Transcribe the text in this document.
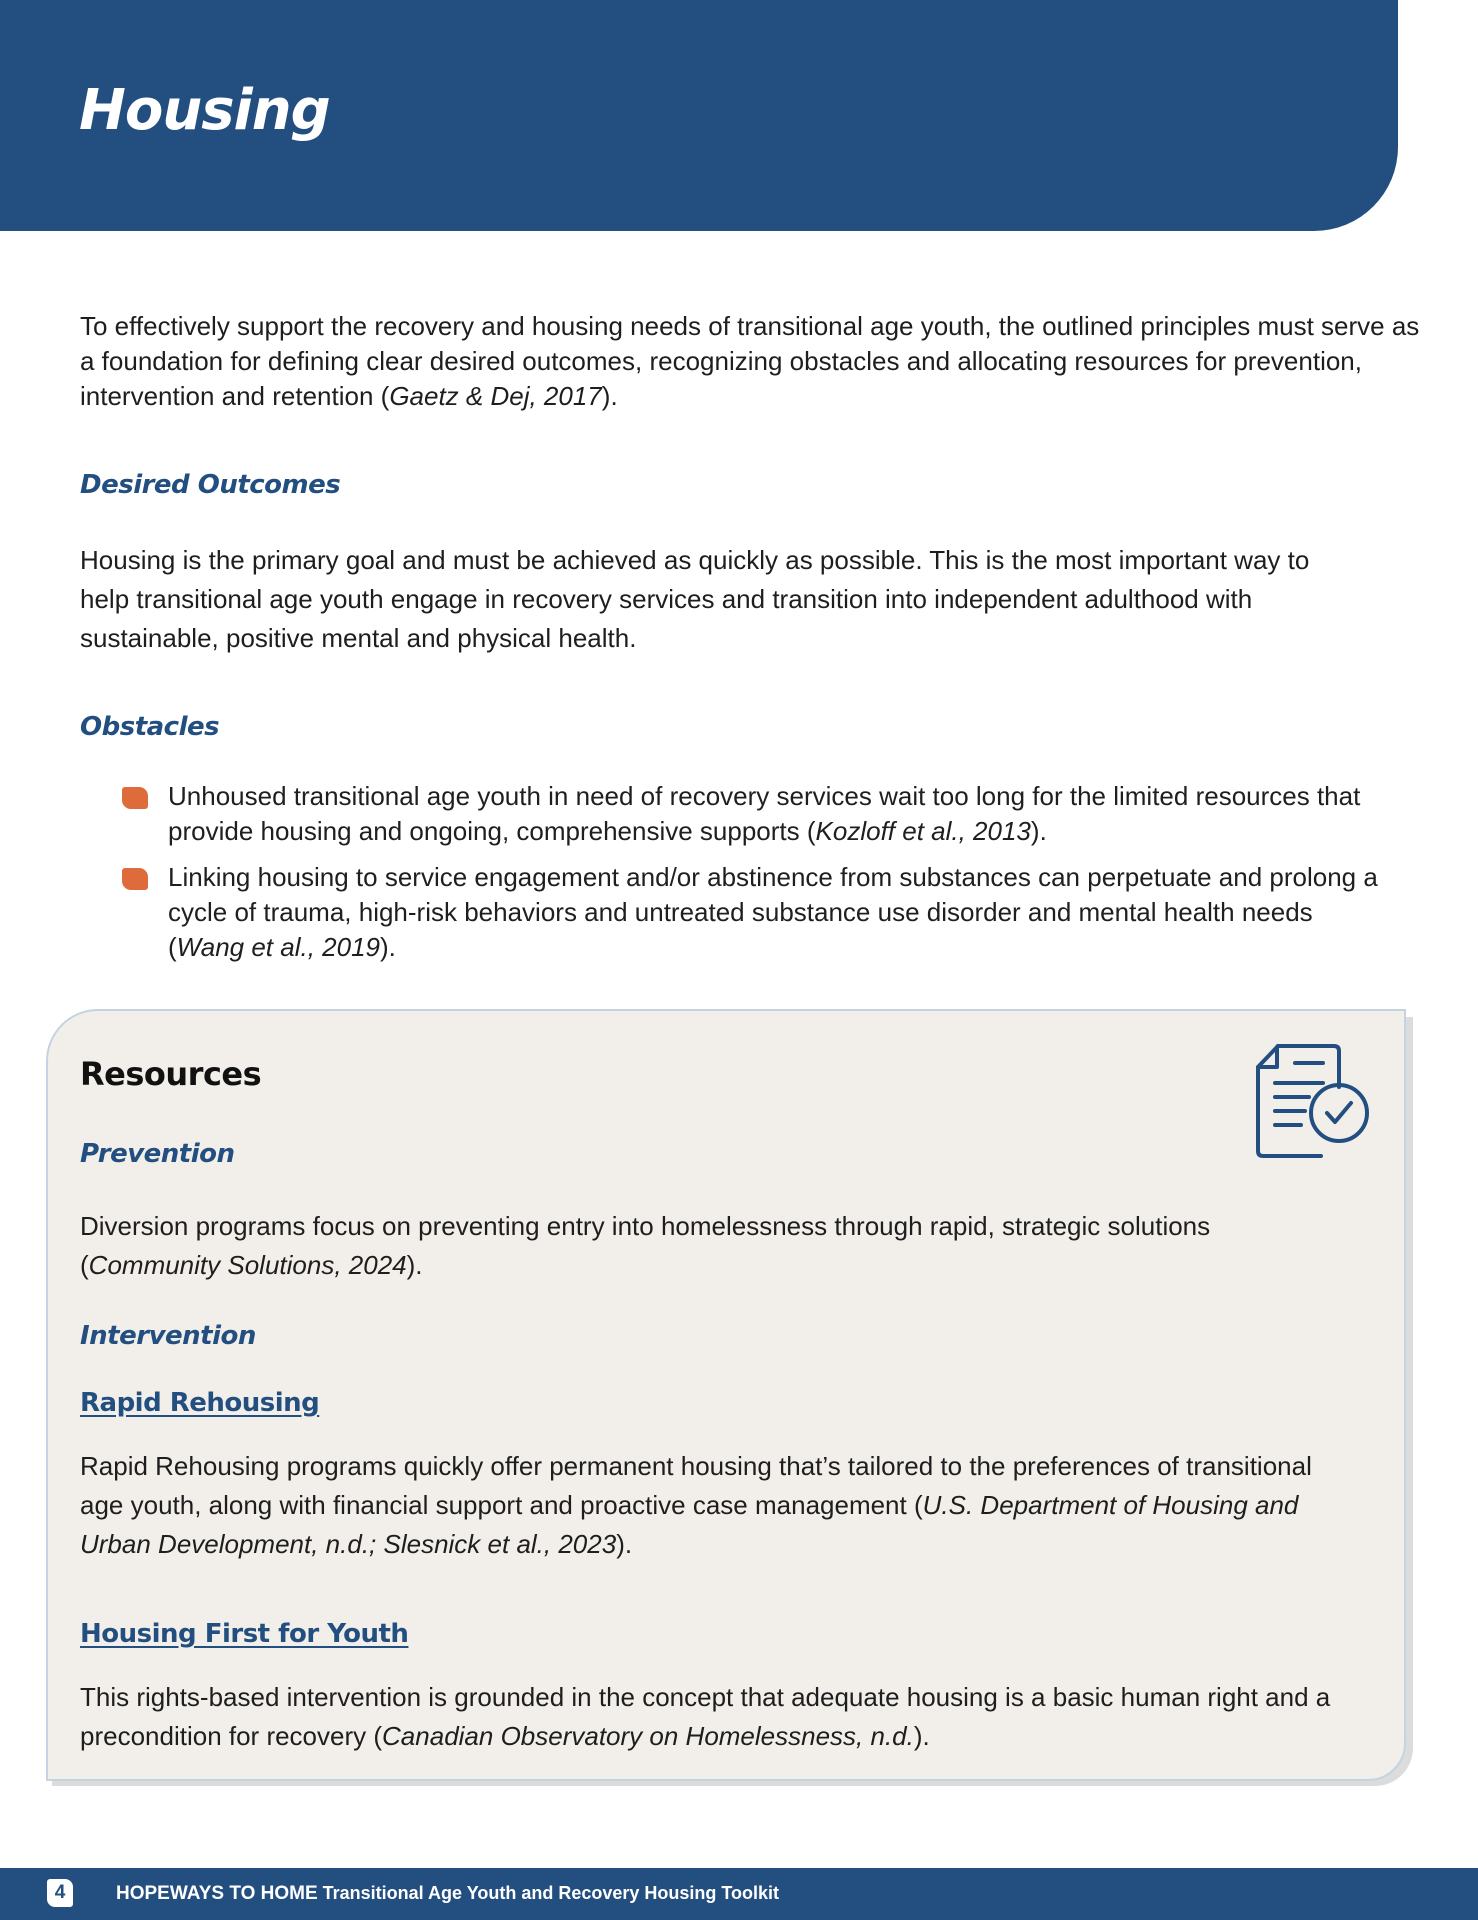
Housing

To effectively support the recovery and housing needs of transitional age youth, the outlined principles must serve as a foundation for defining clear desired outcomes, recognizing obstacles and allocating resources for prevention, intervention and retention (Gaetz & Dej, 2017).

Desired Outcomes

Housing is the primary goal and must be achieved as quickly as possible. This is the most important way to help transitional age youth engage in recovery services and transition into independent adulthood with sustainable, positive mental and physical health.

Obstacles
Unhoused transitional age youth in need of recovery services wait too long for the limited resources that provide housing and ongoing, comprehensive supports (Kozloff et al., 2013).
Linking housing to service engagement and/or abstinence from substances can perpetuate and prolong a cycle of trauma, high-risk behaviors and untreated substance use disorder and mental health needs (Wang et al., 2019).
Resources
Prevention

Diversion programs focus on preventing entry into homelessness through rapid, strategic solutions (Community Solutions, 2024).

Intervention
Rapid Rehousing

Rapid Rehousing programs quickly offer permanent housing that’s tailored to the preferences of transitional age youth, along with financial support and proactive case management (U.S. Department of Housing and Urban Development, n.d.; Slesnick et al., 2023).

Housing First for Youth

This rights-based intervention is grounded in the concept that adequate housing is a basic human right and a precondition for recovery (Canadian Observatory on Homelessness, n.d.).

4	HOPEWAYS TO HOME Transitional Age Youth and Recovery Housing Toolkit
